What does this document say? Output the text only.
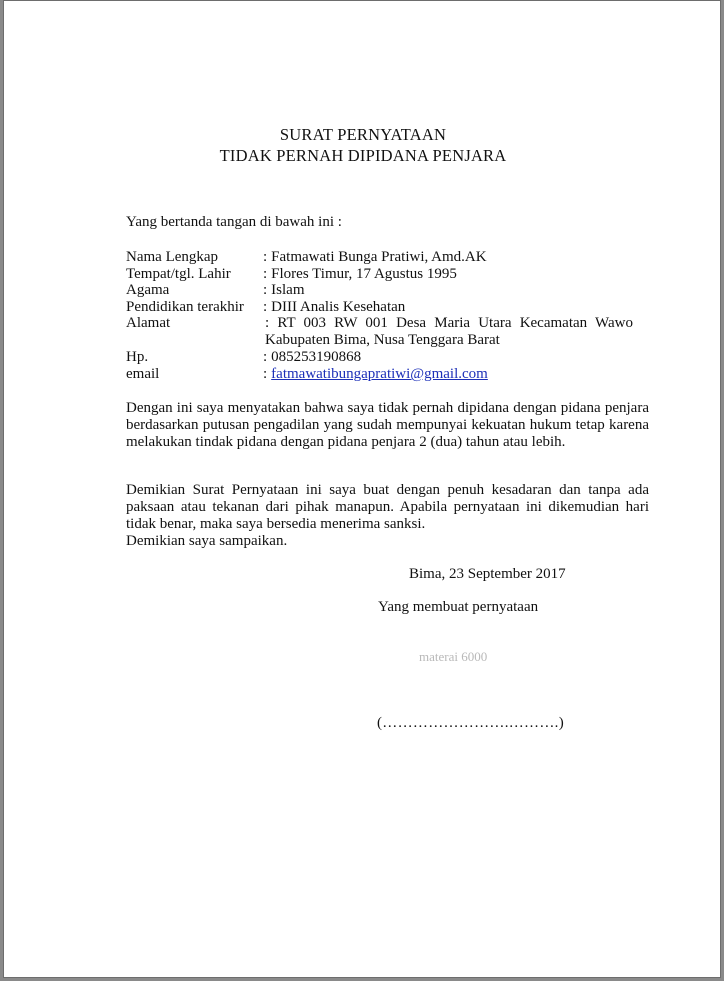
SURAT PERNYATAAN
TIDAK PERNAH DIPIDANA PENJARA
Yang bertanda tangan di bawah ini :
Nama Lengkap	: Fatmawati Bunga Pratiwi, Amd.AK
Tempat/tgl. Lahir : Flores Timur, 17 Agustus 1995
Agama	: Islam
Pendidikan terakhir : DIII Analis Kesehatan
Alamat	: RT 003 RW 001 Desa Maria Utara Kecamatan Wawo Kabupaten Bima, Nusa Tenggara Barat
Hp.	: 085253190868
email	: fatmawatibungapratiwi@gmail.com
Dengan ini saya menyatakan bahwa saya tidak pernah dipidana dengan pidana penjara berdasarkan putusan pengadilan yang sudah mempunyai kekuatan hukum tetap karena melakukan tindak pidana dengan pidana penjara 2 (dua) tahun atau lebih.
Demikian Surat Pernyataan ini saya buat dengan penuh kesadaran dan tanpa ada paksaan atau tekanan dari pihak manapun. Apabila pernyataan ini dikemudian hari tidak benar, maka saya bersedia menerima sanksi.
Demikian saya sampaikan.
Bima, 23 September 2017
Yang membuat pernyataan
materai 6000
(…………………….……….)
